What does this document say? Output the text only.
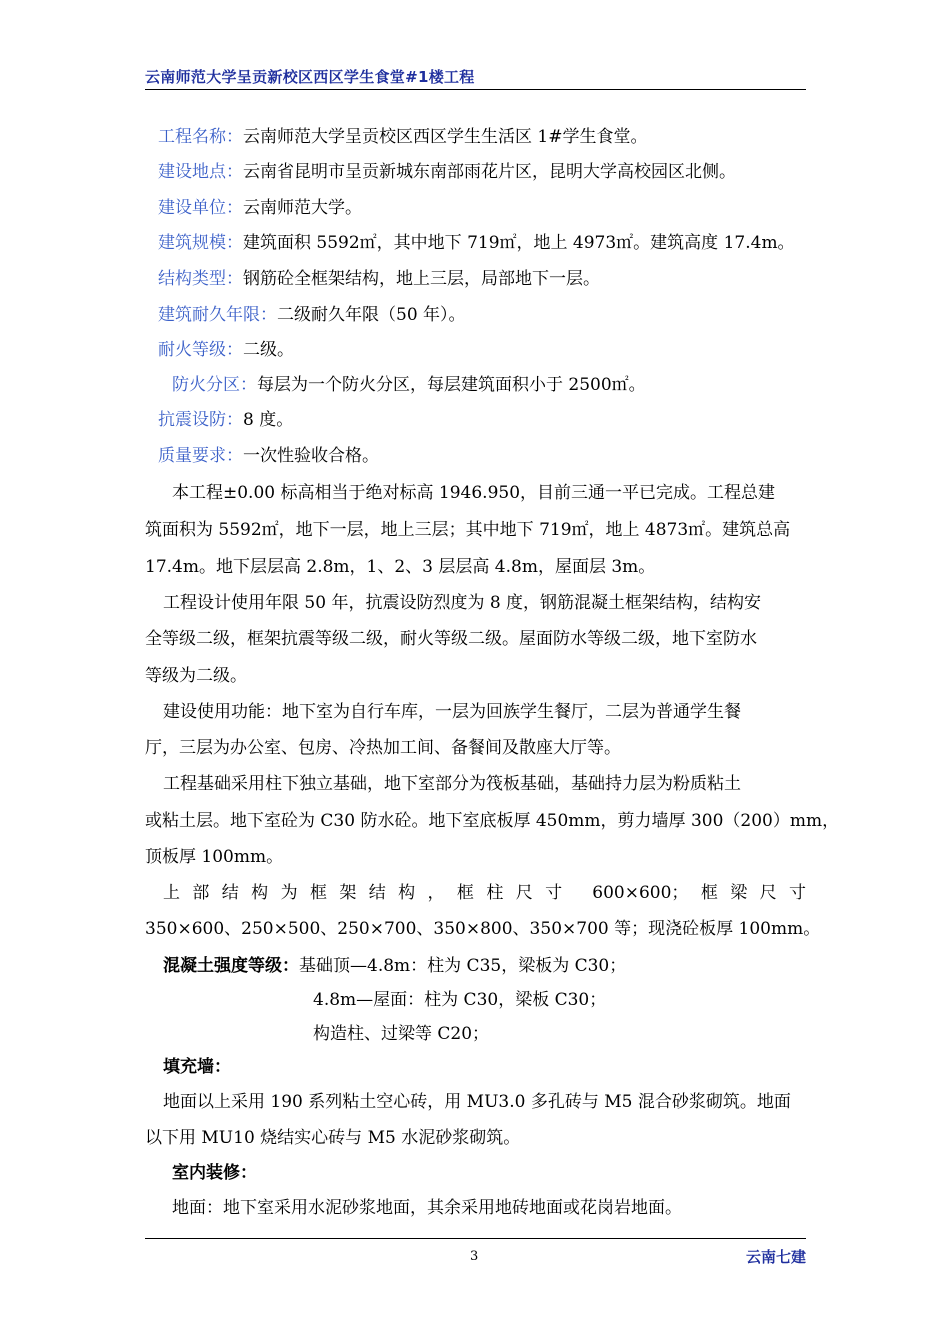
云南师范大学呈贡新校区西区学生食堂#1楼工程
工程名称：云南师范大学呈贡校区西区学生生活区 1#学生食堂。
建设地点：云南省昆明市呈贡新城东南部雨花片区，昆明大学高校园区北侧。
建设单位：云南师范大学。
建筑规模：建筑面积 5592㎡，其中地下 719㎡，地上 4973㎡。建筑高度 17.4m。
结构类型：钢筋砼全框架结构，地上三层，局部地下一层。
建筑耐久年限：二级耐久年限（50 年）。
耐火等级：二级。
防火分区：每层为一个防火分区，每层建筑面积小于 2500㎡。
抗震设防：8 度。
质量要求：一次性验收合格。
本工程±0.00 标高相当于绝对标高 1946.950，目前三通一平已完成。工程总建
筑面积为 5592㎡，地下一层，地上三层；其中地下 719㎡，地上 4873㎡。建筑总高
17.4m。地下层层高 2.8m，1、2、3 层层高 4.8m，屋面层 3m。
工程设计使用年限 50 年，抗震设防烈度为 8 度，钢筋混凝土框架结构，结构安
全等级二级，框架抗震等级二级，耐火等级二级。屋面防水等级二级，地下室防水
等级为二级。
建设使用功能：地下室为自行车库，一层为回族学生餐厅，二层为普通学生餐
厅，三层为办公室、包房、冷热加工间、备餐间及散座大厅等。
工程基础采用柱下独立基础，地下室部分为筏板基础，基础持力层为粉质粘土
或粘土层。地下室砼为 C30 防水砼。地下室底板厚 450mm，剪力墙厚 300（200）mm，
顶板厚 100mm。
上部结构为框架结构，框柱尺寸 600×600；框梁尺寸
350×600、250×500、250×700、350×800、350×700 等；现浇砼板厚 100mm。
混凝土强度等级：基础顶—4.8m：柱为 C35，梁板为 C30；
4.8m—屋面：柱为 C30，梁板 C30；
构造柱、过梁等 C20；
填充墙：
地面以上采用 190 系列粘土空心砖，用 MU3.0 多孔砖与 M5 混合砂浆砌筑。地面
以下用 MU10 烧结实心砖与 M5 水泥砂浆砌筑。
室内装修：
地面：地下室采用水泥砂浆地面，其余采用地砖地面或花岗岩地面。
3	云南七建
